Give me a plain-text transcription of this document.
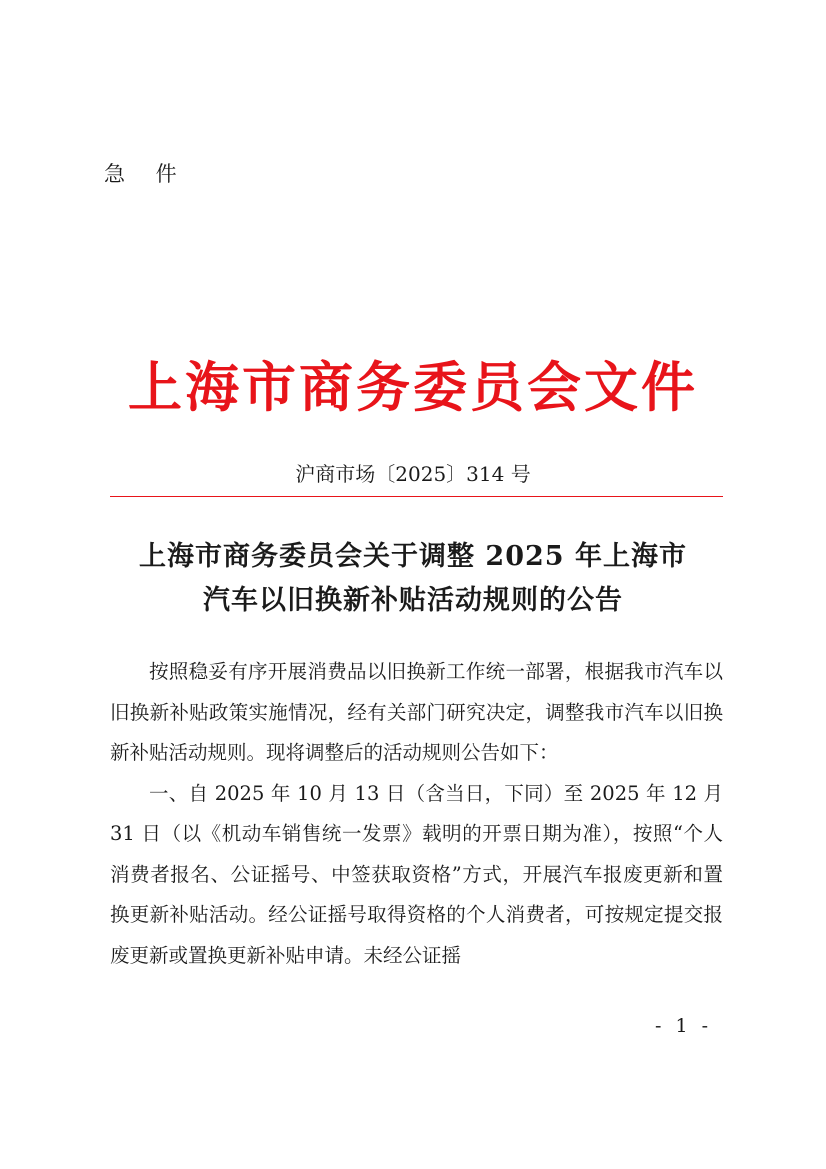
急 件
上海市商务委员会文件
沪商市场〔2025〕314 号
上海市商务委员会关于调整 2025 年上海市
汽车以旧换新补贴活动规则的公告

按照稳妥有序开展消费品以旧换新工作统一部署，根据我市汽车以旧换新补贴政策实施情况，经有关部门研究决定，调整我市汽车以旧换新补贴活动规则。现将调整后的活动规则公告如下：

一、自 2025 年 10 月 13 日（含当日，下同）至 2025 年 12 月 31 日（以《机动车销售统一发票》载明的开票日期为准），按照“个人消费者报名、公证摇号、中签获取资格”方式，开展汽车报废更新和置换更新补贴活动。经公证摇号取得资格的个人消费者，可按规定提交报废更新或置换更新补贴申请。未经公证摇

- 1 -
